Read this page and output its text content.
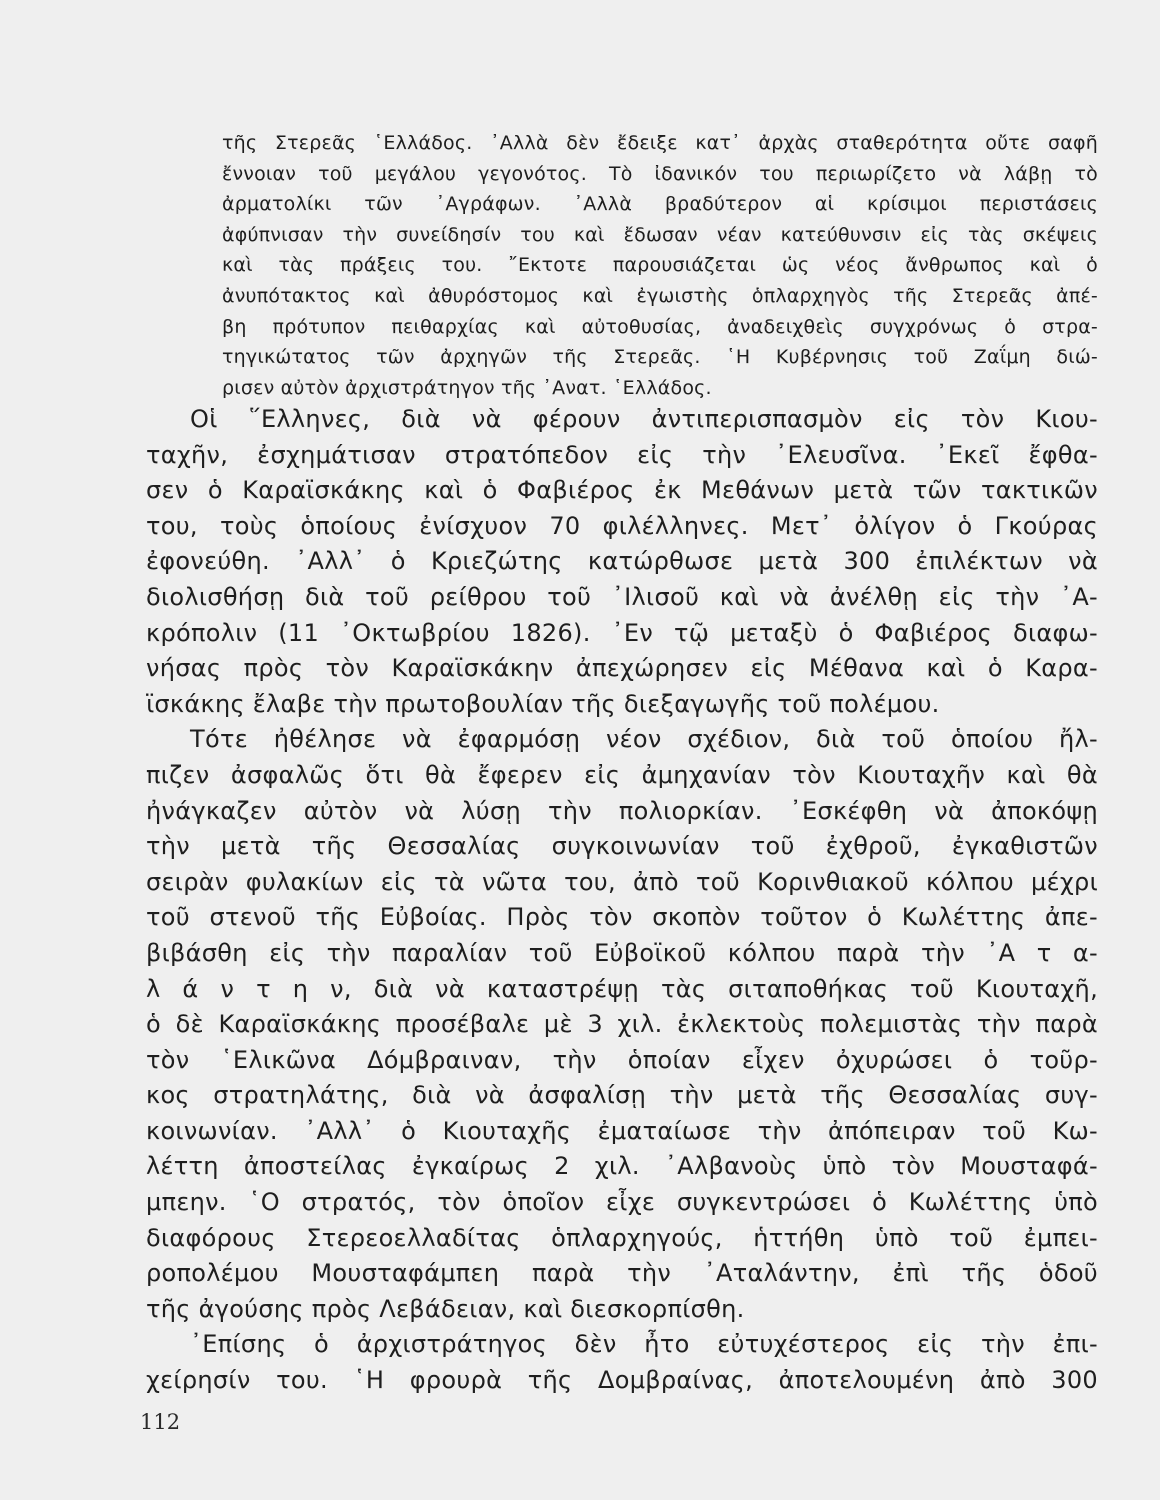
τῆς Στερεᾶς ῾Ελλάδος. ᾿Αλλὰ δὲν ἔδειξε κατ᾿ ἀρχὰς σταθερότητα οὔτε σαφῆ
ἔννοιαν τοῦ μεγάλου γεγονότος. Τὸ ἰδανικόν του περιωρίζετο νὰ λάβῃ τὸ
ἀρματολίκι τῶν ᾿Αγράφων. ᾿Αλλὰ βραδύτερον αἱ κρίσιμοι περιστάσεις
ἀφύπνισαν τὴν συνείδησίν του καὶ ἔδωσαν νέαν κατεύθυνσιν εἰς τὰς σκέψεις
καὶ τὰς πράξεις του. ῎Εκτοτε παρουσιάζεται ὡς νέος ἄνθρωπος καὶ ὁ
ἀνυπότακτος καὶ ἀθυρόστομος καὶ ἐγωιστὴς ὁπλαρχηγὸς τῆς Στερεᾶς ἀπέ-
βη πρότυπον πειθαρχίας καὶ αὐτοθυσίας, ἀναδειχθεὶς συγχρόνως ὁ στρα-
τηγικώτατος τῶν ἀρχηγῶν τῆς Στερεᾶς. ῾Η Κυβέρνησις τοῦ Ζαΐμη διώ-
ρισεν αὐτὸν ἀρχιστράτηγον τῆς ᾿Ανατ. ῾Ελλάδος.
Οἱ ῞Ελληνες, διὰ νὰ φέρουν ἀντιπερισπασμὸν εἰς τὸν Κιου-
ταχῆν, ἐσχημάτισαν στρατόπεδον εἰς τὴν ᾿Ελευσῖνα. ᾿Εκεῖ ἔφθα-
σεν ὁ Καραϊσκάκης καὶ ὁ Φαβιέρος ἐκ Μεθάνων μετὰ τῶν τακτικῶν
του, τοὺς ὁποίους ἐνίσχυον 70 φιλέλληνες. Μετ᾿ ὀλίγον ὁ Γκούρας
ἐφονεύθη. ᾿Αλλ᾿ ὁ Κριεζώτης κατώρθωσε μετὰ 300 ἐπιλέκτων νὰ
διολισθήσῃ διὰ τοῦ ρείθρου τοῦ ᾿Ιλισοῦ καὶ νὰ ἀνέλθῃ εἰς τὴν ᾿Α-
κρόπολιν (11 ᾿Οκτωβρίου 1826). ᾿Εν τῷ μεταξὺ ὁ Φαβιέρος διαφω-
νήσας πρὸς τὸν Καραϊσκάκην ἀπεχώρησεν εἰς Μέθανα καὶ ὁ Καρα-
ϊσκάκης ἔλαβε τὴν πρωτοβουλίαν τῆς διεξαγωγῆς τοῦ πολέμου.
Τότε ἠθέλησε νὰ ἐφαρμόσῃ νέον σχέδιον, διὰ τοῦ ὁποίου ἤλ-
πιζεν ἀσφαλῶς ὅτι θὰ ἔφερεν εἰς ἀμηχανίαν τὸν Κιουταχῆν καὶ θὰ
ἠνάγκαζεν αὐτὸν νὰ λύσῃ τὴν πολιορκίαν. ᾿Εσκέφθη νὰ ἀποκόψῃ
τὴν μετὰ τῆς Θεσσαλίας συγκοινωνίαν τοῦ ἐχθροῦ, ἐγκαθιστῶν
σειρὰν φυλακίων εἰς τὰ νῶτα του, ἀπὸ τοῦ Κορινθιακοῦ κόλπου μέχρι
τοῦ στενοῦ τῆς Εὐβοίας. Πρὸς τὸν σκοπὸν τοῦτον ὁ Κωλέττης ἀπε-
βιβάσθη εἰς τὴν παραλίαν τοῦ Εὐβοϊκοῦ κόλπου παρὰ τὴν ᾿Α τ α-
λ ά ν τ η ν, διὰ νὰ καταστρέψῃ τὰς σιταποθήκας τοῦ Κιουταχῆ,
ὁ δὲ Καραϊσκάκης προσέβαλε μὲ 3 χιλ. ἐκλεκτοὺς πολεμιστὰς τὴν παρὰ
τὸν ῾Ελικῶνα Δόμβραιναν, τὴν ὁποίαν εἶχεν ὀχυρώσει ὁ τοῦρ-
κος στρατηλάτης, διὰ νὰ ἀσφαλίσῃ τὴν μετὰ τῆς Θεσσαλίας συγ-
κοινωνίαν. ᾿Αλλ᾿ ὁ Κιουταχῆς ἐματαίωσε τὴν ἀπόπειραν τοῦ Κω-
λέττη ἀποστείλας ἐγκαίρως 2 χιλ. ᾿Αλβανοὺς ὑπὸ τὸν Μουσταφά-
μπεην. ῾Ο στρατός, τὸν ὁποῖον εἶχε συγκεντρώσει ὁ Κωλέττης ὑπὸ
διαφόρους Στερεοελλαδίτας ὁπλαρχηγούς, ἡττήθη ὑπὸ τοῦ ἐμπει-
ροπολέμου Μουσταφάμπεη παρὰ τὴν ᾿Αταλάντην, ἐπὶ τῆς ὁδοῦ
τῆς ἀγούσης πρὸς Λεβάδειαν, καὶ διεσκορπίσθη.
᾿Επίσης ὁ ἀρχιστράτηγος δὲν ἦτο εὐτυχέστερος εἰς τὴν ἐπι-
χείρησίν του. ῾Η φρουρὰ τῆς Δομβραίνας, ἀποτελουμένη ἀπὸ 300
112
